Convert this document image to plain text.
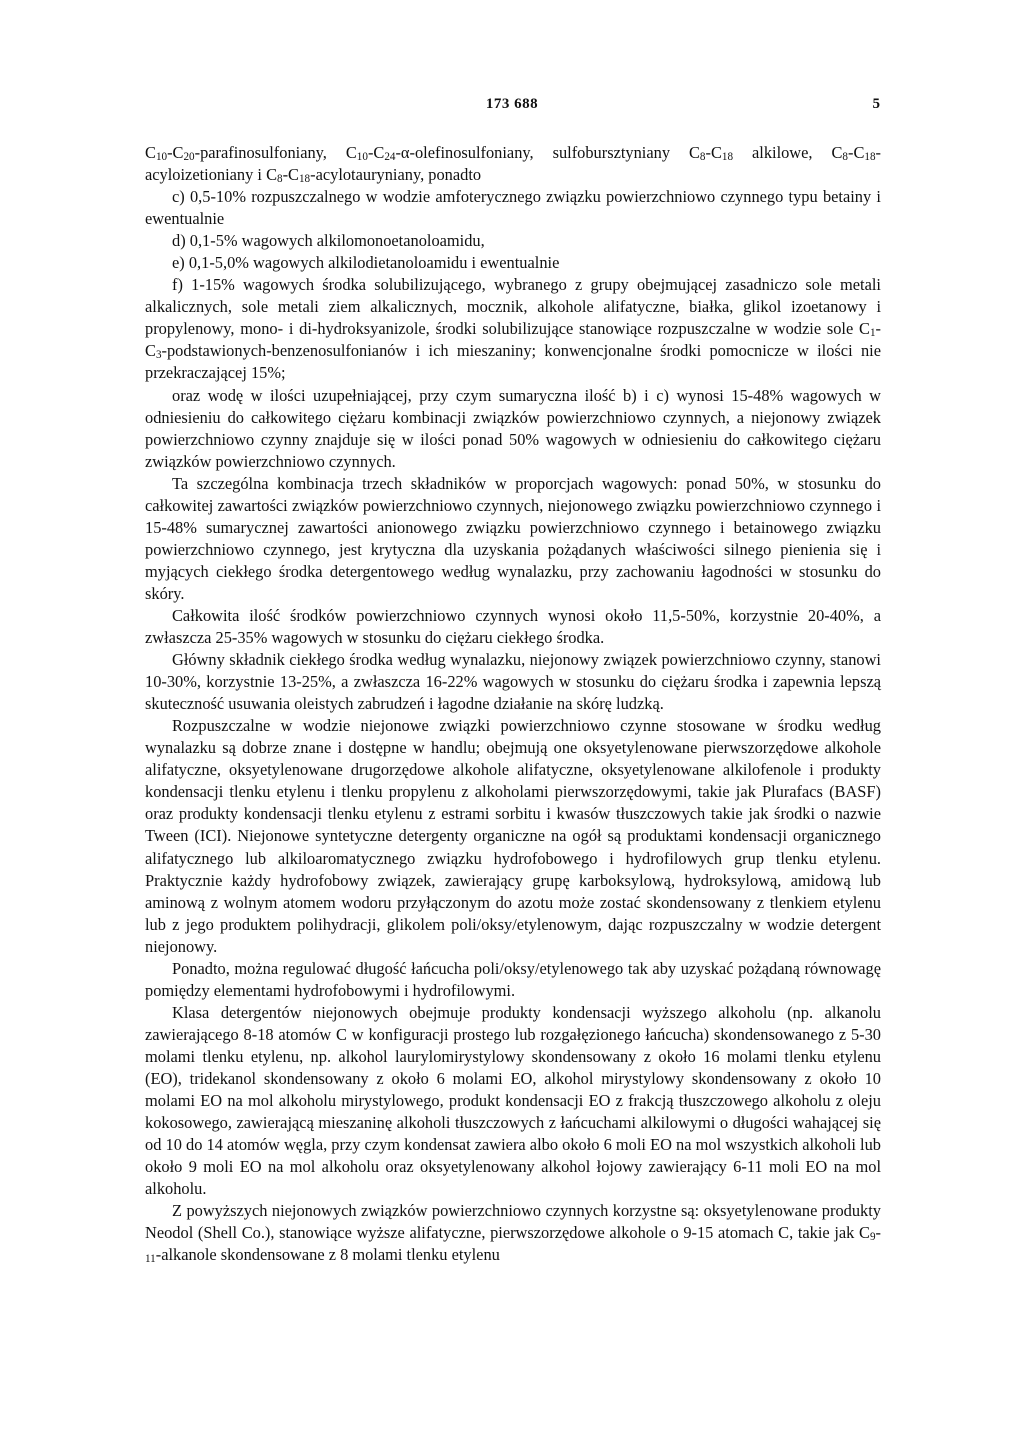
173 688	5

$C_{10}-C_{20}$-parafinosulfoniany, $C_{10}-C_{24}-\alpha$-olefinosulfoniany, sulfobursztyniany $C_8-C_{18}$ alkilowe, $C_8-C_{18}$-acyloizetioniany i $C_8-C_{18}$-acylotauryniany, ponadto

c) 0,5-10% rozpuszczalnego w wodzie amfoterycznego związku powierzchniowo czynnego typu betainy i ewentualnie

d) 0,1-5% wagowych alkilomonoetanoloamidu,

e) 0,1-5,0% wagowych alkilodietanoloamidu i ewentualnie

f) 1-15% wagowych środka solubilizującego, wybranego z grupy obejmującej zasadniczo sole metali alkalicznych, sole metali ziem alkalicznych, mocznik, alkohole alifatyczne, białka, glikol izoetanowy i propylenowy, mono- i di-hydroksyanizole, środki solubilizujące stanowiące rozpuszczalne w wodzie sole $C_1-C_3-podstawionych$-benzenosulfonianów i ich mieszaniny; konwencjonalne środki pomocnicze w ilości nie przekraczającej 15%;

oraz wodę w ilości uzupełniającej, przy czym sumaryczna ilość b) i c) wynosi 15-48% wagowych w odniesieniu do całkowitego ciężaru kombinacji związków powierzchniowo czynnych, a niejonowy związek powierzchniowo czynny znajduje się w ilości ponad 50% wagowych w odniesieniu do całkowitego ciężaru związków powierzchniowo czynnych.

Ta szczególna kombinacja trzech składników w proporcjach wagowych: ponad 50%, w stosunku do całkowitej zawartości związków powierzchniowo czynnych, niejonowego związku powierzchniowo czynnego i 15-48% sumarycznej zawartości anionowego związku powierzchniowo czynnego i betainowego związku powierzchniowo czynnego, jest krytyczna dla uzyskania pożądanych właściwości silnego pienienia się i myjących ciekłego środka detergentowego według wynalazku, przy zachowaniu łagodności w stosunku do skóry.

Całkowita ilość środków powierzchniowo czynnych wynosi około 11,5-50%, korzystnie 20-40%, a zwłaszcza 25-35% wagowych w stosunku do ciężaru ciekłego środka.

Główny składnik ciekłego środka według wynalazku, niejonowy związek powierzchniowo czynny, stanowi 10-30%, korzystnie 13-25%, a zwłaszcza 16-22% wagowych w stosunku do ciężaru środka i zapewnia lepszą skuteczność usuwania oleistych zabrudzeń i łagodne działanie na skórę ludzką.

Rozpuszczalne w wodzie niejonowe związki powierzchniowo czynne stosowane w środku według wynalazku są dobrze znane i dostępne w handlu; obejmują one oksyetylenowane pierwszorzędowe alkohole alifatyczne, oksyetylenowane drugorzędowe alkohole alifatyczne, oksyetylenowane alkilofenole i produkty kondensacji tlenku etylenu i tlenku propylenu z alkoholami pierwszorzędowymi, takie jak Plurafacs (BASF) oraz produkty kondensacji tlenku etylenu z estrami sorbitu i kwasów tłuszczowych takie jak środki o nazwie Tween (ICI). Niejonowe syntetyczne detergenty organiczne na ogół są produktami kondensacji organicznego alifatycznego lub alkiloaromatycznego związku hydrofobowego i hydrofilowych grup tlenku etylenu. Praktycznie każdy hydrofobowy związek, zawierający grupę karboksylową, hydroksylową, amidową lub aminową z wolnym atomem wodoru przyłączonym do azotu może zostać skondensowany z tlenkiem etylenu lub z jego produktem polihydracji, glikolem poli/oksy/etylenowym, dając rozpuszczalny w wodzie detergent niejonowy.

Ponadto, można regulować długość łańcucha poli/oksy/etylenowego tak aby uzyskać pożądaną równowagę pomiędzy elementami hydrofobowymi i hydrofilowymi.

Klasa detergentów niejonowych obejmuje produkty kondensacji wyższego alkoholu (np. alkanolu zawierającego 8-18 atomów C w konfiguracji prostego lub rozgałęzionego łańcucha) skondensowanego z 5-30 molami tlenku etylenu, np. alkohol laurylomirystylowy skondensowany z około 16 molami tlenku etylenu (EO), tridekanol skondensowany z około 6 molami EO, alkohol mirystylowy skondensowany z około 10 molami EO na mol alkoholu mirystylowego, produkt kondensacji EO z frakcją tłuszczowego alkoholu z oleju kokosowego, zawierającą mieszaninę alkoholi tłuszczowych z łańcuchami alkilowymi o długości wahającej się od 10 do 14 atomów węgla, przy czym kondensat zawiera albo około 6 moli EO na mol wszystkich alkoholi lub około 9 moli EO na mol alkoholu oraz oksyetylenowany alkohol łojowy zawierający 6-11 moli EO na mol alkoholu.

Z powyższych niejonowych związków powierzchniowo czynnych korzystne są: oksyetylenowane produkty Neodol (Shell Co.), stanowiące wyższe alifatyczne, pierwszorzędowe alkohole o 9-15 atomach C, takie jak $C_9-_{11}$-alkanole skondensowane z 8 molami tlenku etylenu
